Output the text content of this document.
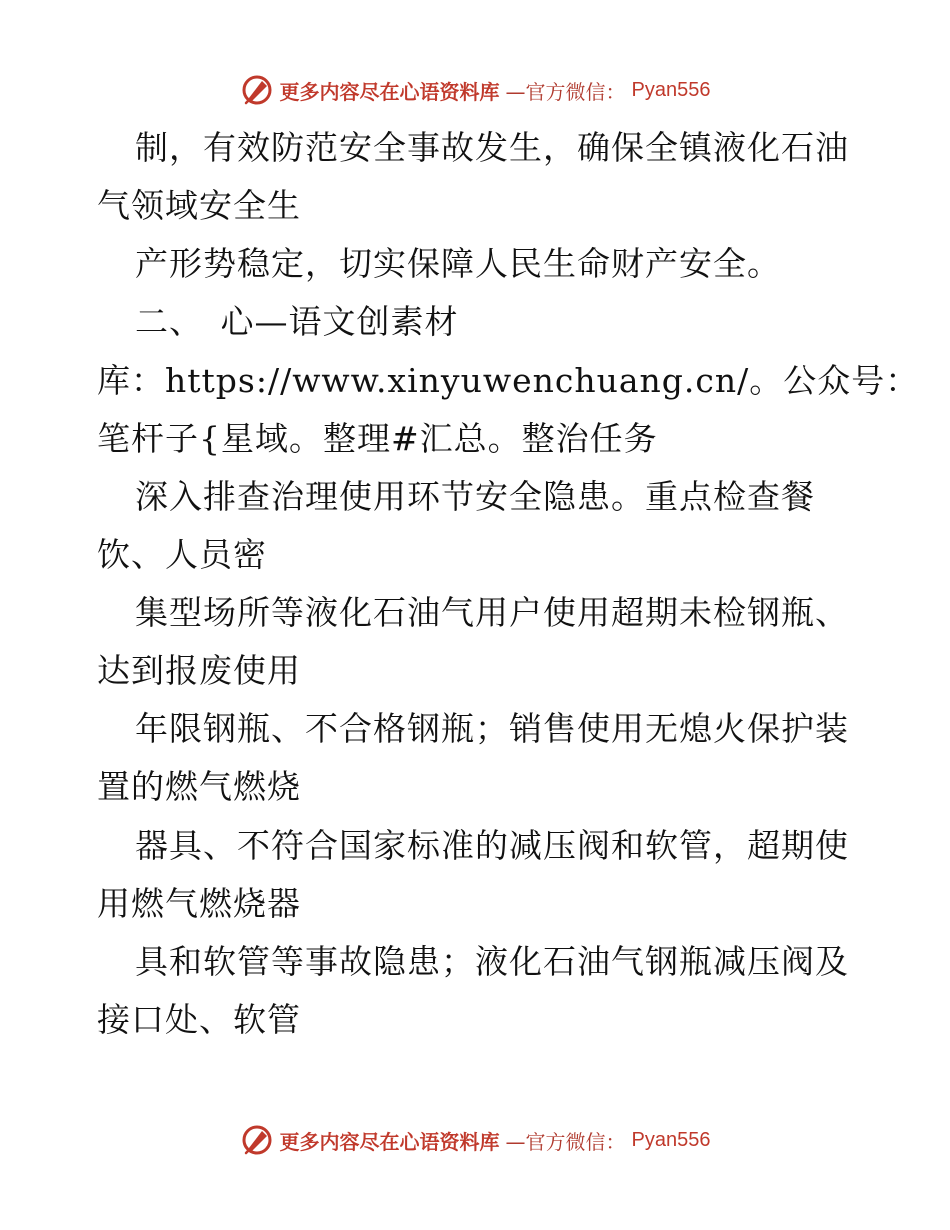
更多内容尽在心语资料库 —官方微信： Pyan556
制，有效防范安全事故发生，确保全镇液化石油
气领域安全生
产形势稳定，切实保障人民生命财产安全。
二、　心—语文创素材
库：https://www.xinyuwenchuang.cn/。公众号：
笔杆子{星域。整理#汇总。整治任务
深入排查治理使用环节安全隐患。重点检查餐
饮、人员密
集型场所等液化石油气用户使用超期未检钢瓶、
达到报废使用
年限钢瓶、不合格钢瓶；销售使用无熄火保护装
置的燃气燃烧
器具、不符合国家标准的减压阀和软管，超期使
用燃气燃烧器
具和软管等事故隐患；液化石油气钢瓶减压阀及
接口处、软管
更多内容尽在心语资料库 —官方微信： Pyan556
